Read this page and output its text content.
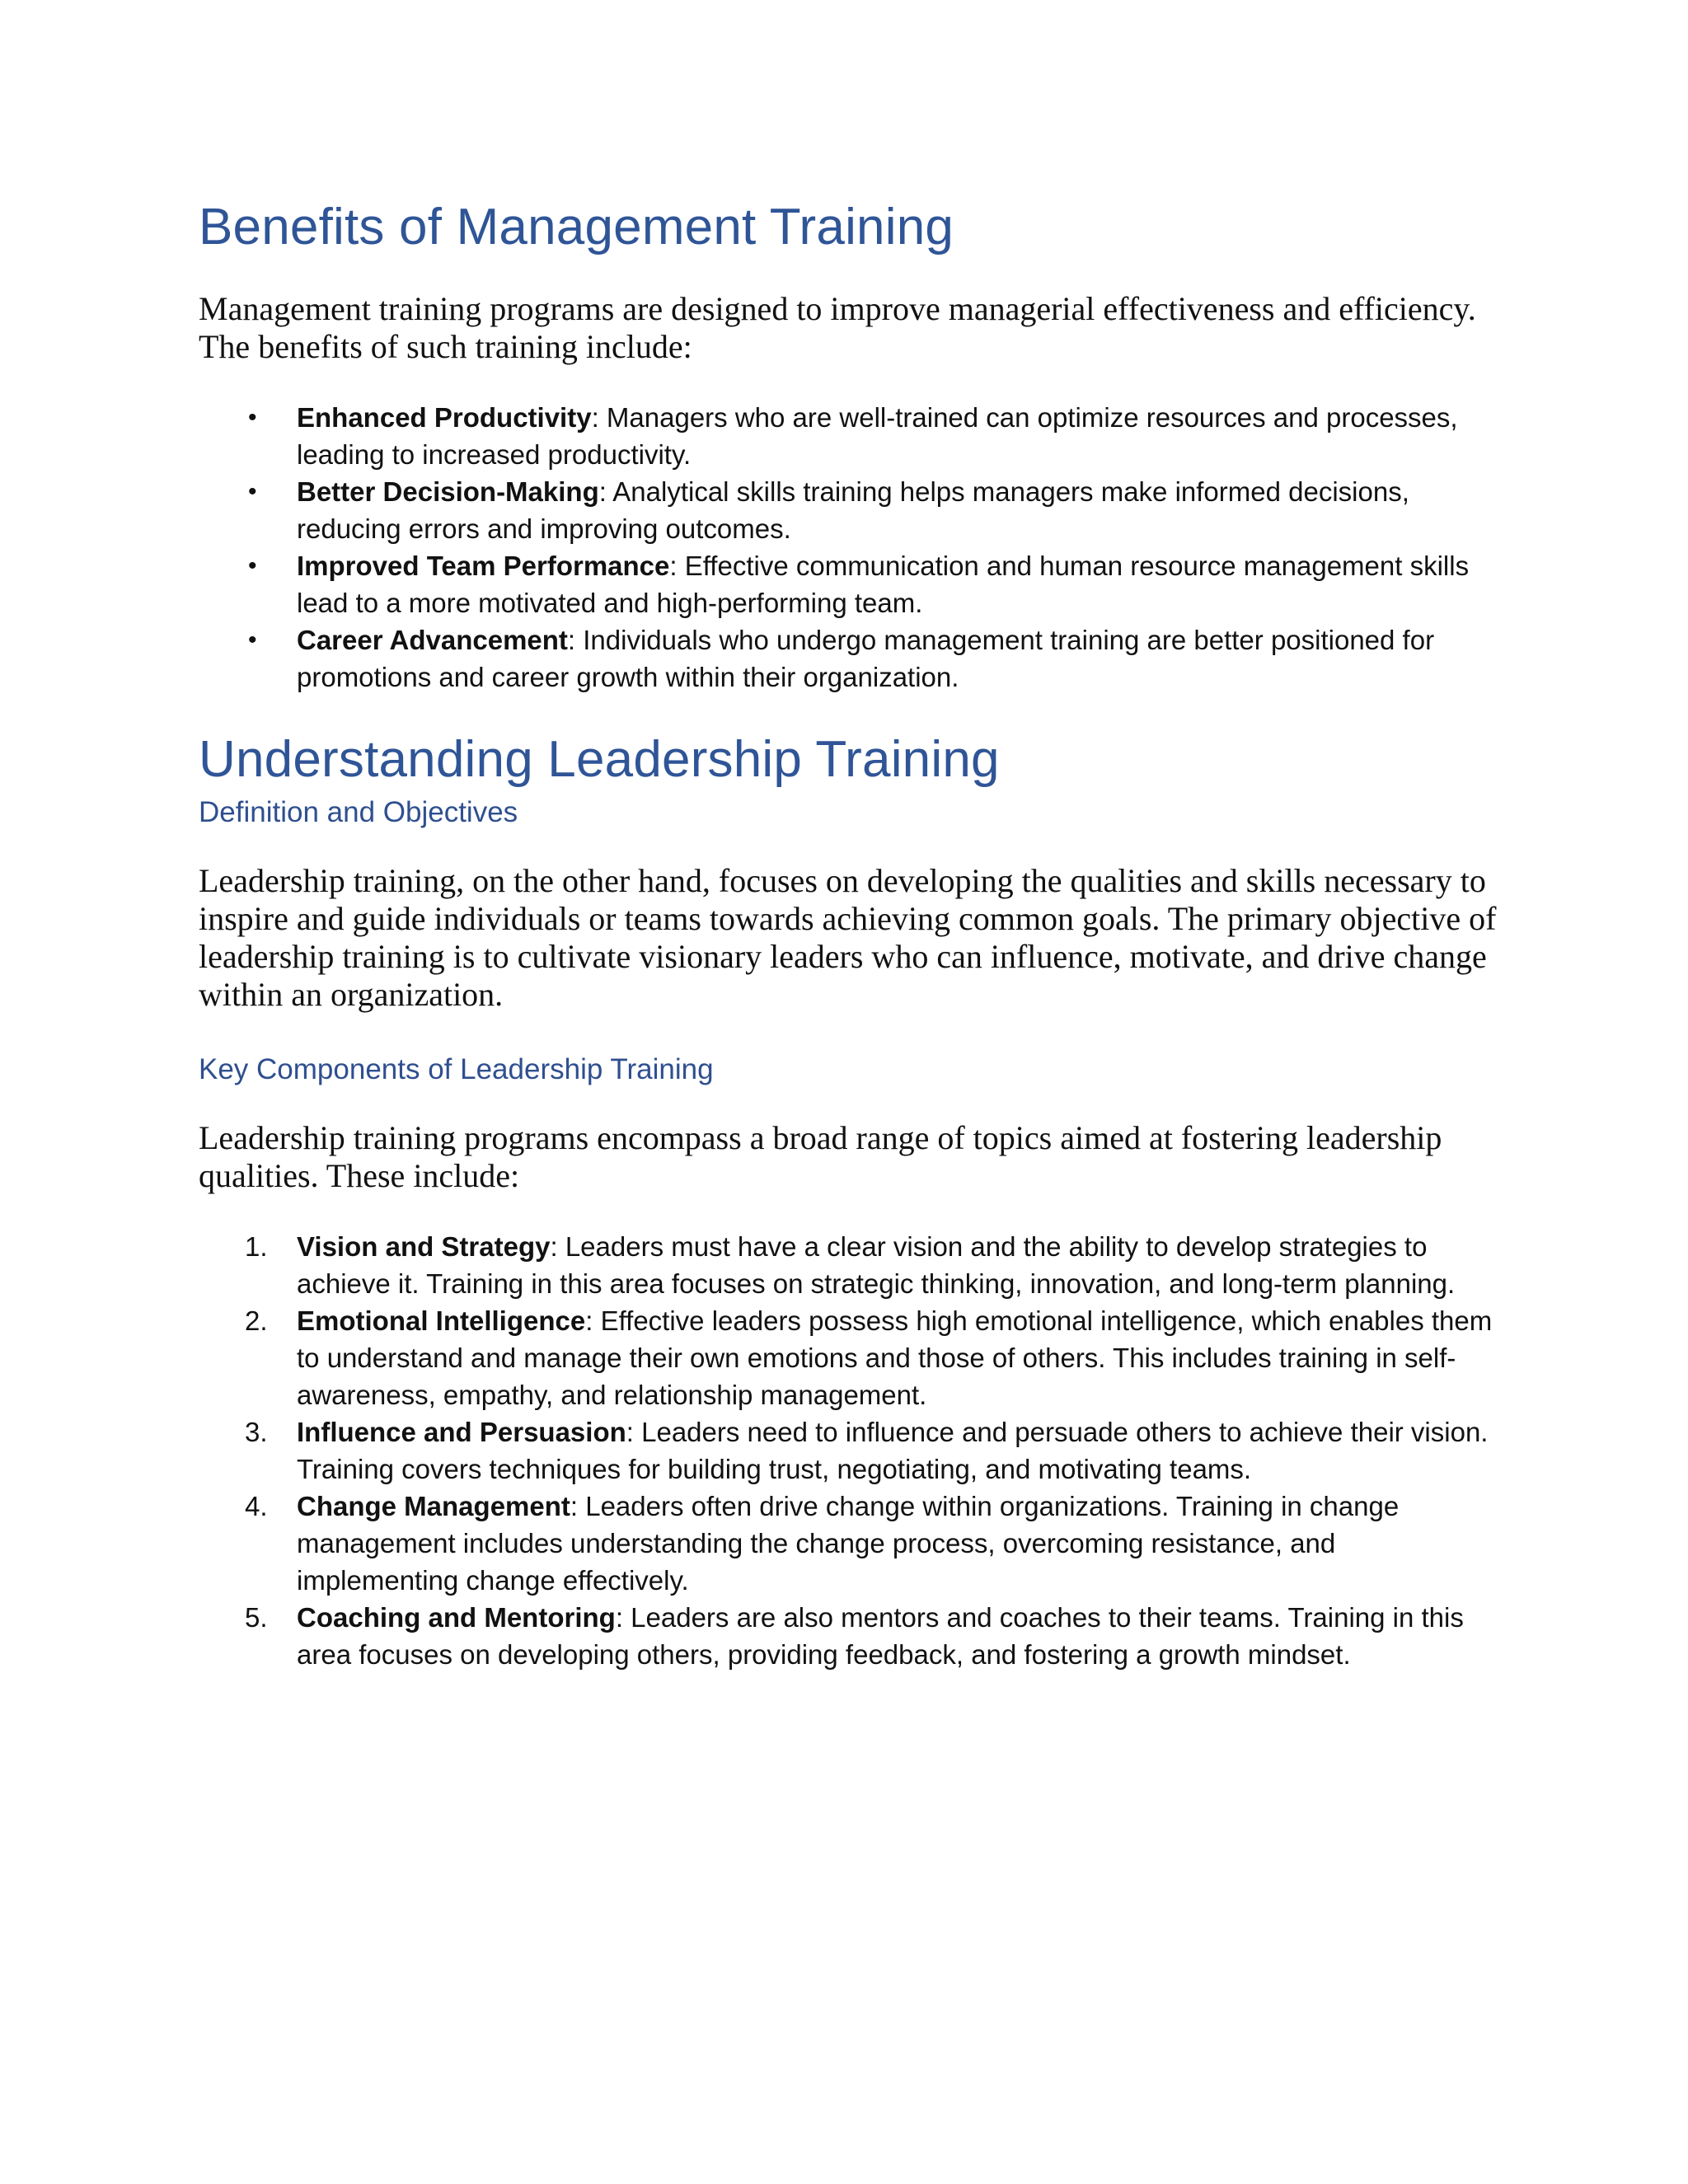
Benefits of Management Training

Management training programs are designed to improve managerial effectiveness and efficiency. The benefits of such training include:

•	Enhanced Productivity: Managers who are well-trained can optimize resources and processes, leading to increased productivity.
•	Better Decision-Making: Analytical skills training helps managers make informed decisions, reducing errors and improving outcomes.
•	Improved Team Performance: Effective communication and human resource management skills lead to a more motivated and high-performing team.
•	Career Advancement: Individuals who undergo management training are better positioned for promotions and career growth within their organization.
Understanding Leadership Training
Definition and Objectives

Leadership training, on the other hand, focuses on developing the qualities and skills necessary to inspire and guide individuals or teams towards achieving common goals. The primary objective of leadership training is to cultivate visionary leaders who can influence, motivate, and drive change within an organization.

Key Components of Leadership Training

Leadership training programs encompass a broad range of topics aimed at fostering leadership qualities. These include:

1.	Vision and Strategy: Leaders must have a clear vision and the ability to develop strategies to achieve it. Training in this area focuses on strategic thinking, innovation, and long-term planning.
2.	Emotional Intelligence: Effective leaders possess high emotional intelligence, which enables them to understand and manage their own emotions and those of others. This includes training in self-awareness, empathy, and relationship management.
3.	Influence and Persuasion: Leaders need to influence and persuade others to achieve their vision. Training covers techniques for building trust, negotiating, and motivating teams.
4.	Change Management: Leaders often drive change within organizations. Training in change management includes understanding the change process, overcoming resistance, and implementing change effectively.
5.	Coaching and Mentoring: Leaders are also mentors and coaches to their teams. Training in this area focuses on developing others, providing feedback, and fostering a growth mindset.
